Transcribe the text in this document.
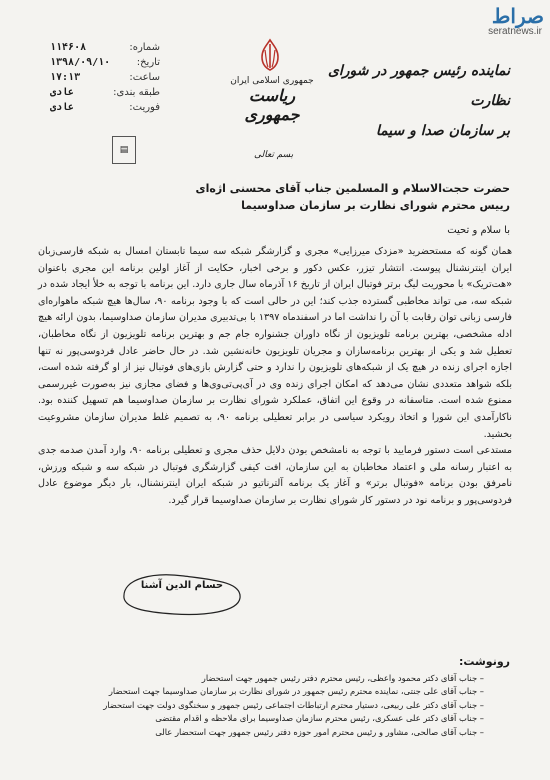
صراط
seratnews.ir
شماره:
۱۱۴۶۰۸
تاریخ:
۱۳۹۸/۰۹/۱۰
ساعت:
۱۷:۱۳
طبقه بندی:
عادی
فوریت:
عادی
▤
جمهوری اسلامی ایران
ریاست جمهوری
نماینده رئیس جمهور در شورای نظارت
بر سازمان صدا و سیما
بسم تعالی
حضرت حجت‌الاسلام و المسلمین جناب آقای محسنی اژه‌ای
رییس محترم شورای نظارت بر سازمان صداوسیما
با سلام و تحیت

همان گونه که مستحضرید «مزدک میرزایی» مجری و گزارشگر شبکه سه سیما تابستان امسال به شبکه فارسی‌زبان ایران اینترنشنال پیوست. انتشار تیزر، عکس دکور و برخی اخبار، حکایت از آغاز اولین برنامه این مجری باعنوان «هت‌تریک» با محوریت لیگ برتر فوتبال ایران از تاریخ ۱۶ آذرماه سال جاری دارد. این برنامه با توجه به خلأ ایجاد شده در شبکه سه، می تواند مخاطبی گسترده جذب کند؛ این در حالی است که با وجود برنامه ۹۰، سال‌ها هیچ شبکه ماهواره‌ای فارسی زبانی توان رقابت با آن را نداشت اما در اسفندماه ۱۳۹۷ با بی‌تدبیری مدیران سازمان صداوسیما، بدون ارائه هیچ ادله مشخصی، بهترین برنامه تلویزیون از نگاه داوران جشنواره جام جم و بهترین برنامه تلویزیون از نگاه مخاطبان، تعطیل شد و یکی از بهترین برنامه‌سازان و مجریان تلویزیون خانه‌نشین شد. در حال حاضر عادل فردوسی‌پور نه تنها اجازه اجرای زنده در هیچ یک از شبکه‌های تلویزیون را ندارد و حتی گزارش بازی‌های فوتبال نیز از او گرفته شده است، بلکه شواهد متعددی نشان می‌دهد که امکان اجرای زنده وی در آی‌پی‌تی‌وی‌ها و فضای مجازی نیز به‌صورت غیررسمی ممنوع شده است. متاسفانه در وقوع این اتفاق، عملکرد شورای نظارت بر سازمان صداوسیما هم تسهیل کننده بود. ناکارآمدی این شورا و اتخاذ رویکرد سیاسی در برابر تعطیلی برنامه ۹۰، به تصمیم غلط مدیران سازمان مشروعیت بخشید.

مستدعی است دستور فرمایید با توجه به نامشخص بودن دلایل حذف مجری و تعطیلی برنامه ۹۰، وارد آمدن صدمه جدی به اعتبار رسانه ملی و اعتماد مخاطبان به این سازمان، افت کیفی گزارشگری فوتبال در شبکه سه و شبکه ورزش، نامرفق بودن برنامه «فوتبال برتر» و آغاز یک برنامه آلترناتیو در شبکه ایران اینترنشنال، بار دیگر موضوع عادل فردوسی‌پور و برنامه نود در دستور کار شورای نظارت بر سازمان صداوسیما قرار گیرد.

حسام الدین آشنا
رونوشت:
– جناب آقای دکتر محمود واعظی، رئیس محترم دفتر رئیس جمهور جهت استحضار
– جناب آقای علی جنتی، نماینده محترم رئیس جمهور در شورای نظارت بر سازمان صداوسیما جهت استحضار
– جناب آقای دکتر علی ربیعی، دستیار محترم ارتباطات اجتماعی رئیس جمهور و سخنگوی دولت جهت استحضار
– جناب آقای دکتر علی عسکری، رئیس محترم سازمان صداوسیما برای ملاحظه و اقدام مقتضی
– جناب آقای صالحی، مشاور و رئیس محترم امور حوزه دفتر رئیس جمهور جهت استحضار عالی
